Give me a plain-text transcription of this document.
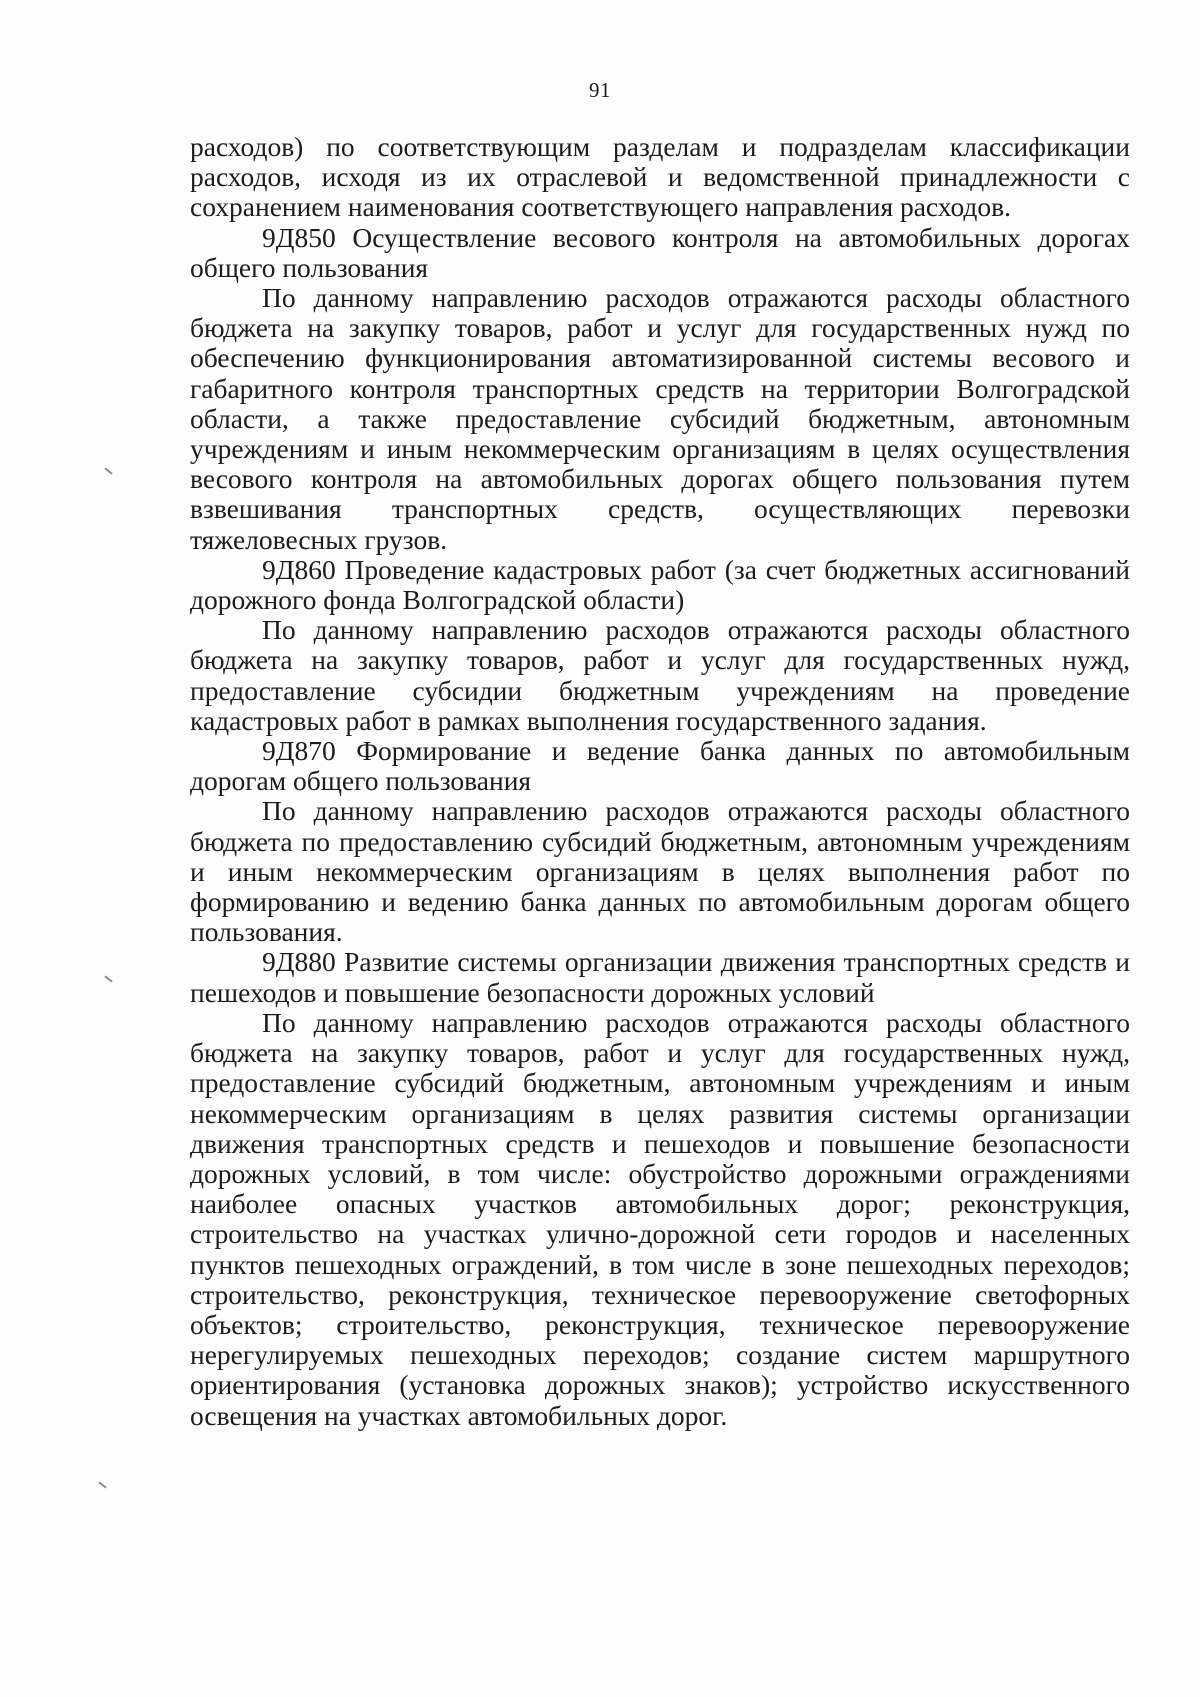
91

расходов) по соответствующим разделам и подразделам классификации расходов, исходя из их отраслевой и ведомственной принадлежности с сохранением наименования соответствующего направления расходов.

9Д850 Осуществление весового контроля на автомобильных дорогах общего пользования

По данному направлению расходов отражаются расходы областного бюджета на закупку товаров, работ и услуг для государственных нужд по обеспечению функционирования автоматизированной системы весового и габаритного контроля транспортных средств на территории Волгоградской области, а также предоставление субсидий бюджетным, автономным учреждениям и иным некоммерческим организациям в целях осуществления весового контроля на автомобильных дорогах общего пользования путем взвешивания транспортных средств, осуществляющих перевозки тяжеловесных грузов.

9Д860 Проведение кадастровых работ (за счет бюджетных ассигнований дорожного фонда Волгоградской области)

По данному направлению расходов отражаются расходы областного бюджета на закупку товаров, работ и услуг для государственных нужд, предоставление субсидии бюджетным учреждениям на проведение кадастровых работ в рамках выполнения государственного задания.

9Д870 Формирование и ведение банка данных по автомобильным дорогам общего пользования

По данному направлению расходов отражаются расходы областного бюджета по предоставлению субсидий бюджетным, автономным учреждениям и иным некоммерческим организациям в целях выполнения работ по формированию и ведению банка данных по автомобильным дорогам общего пользования.

9Д880 Развитие системы организации движения транспортных средств и пешеходов и повышение безопасности дорожных условий

По данному направлению расходов отражаются расходы областного бюджета на закупку товаров, работ и услуг для государственных нужд, предоставление субсидий бюджетным, автономным учреждениям и иным некоммерческим организациям в целях развития системы организации движения транспортных средств и пешеходов и повышение безопасности дорожных условий, в том числе: обустройство дорожными ограждениями наиболее опасных участков автомобильных дорог; реконструкция, строительство на участках улично-дорожной сети городов и населенных пунктов пешеходных ограждений, в том числе в зоне пешеходных переходов; строительство, реконструкция, техническое перевооружение светофорных объектов; строительство, реконструкция, техническое перевооружение нерегулируемых пешеходных переходов; создание систем маршрутного ориентирования (установка дорожных знаков); устройство искусственного освещения на участках автомобильных дорог.
